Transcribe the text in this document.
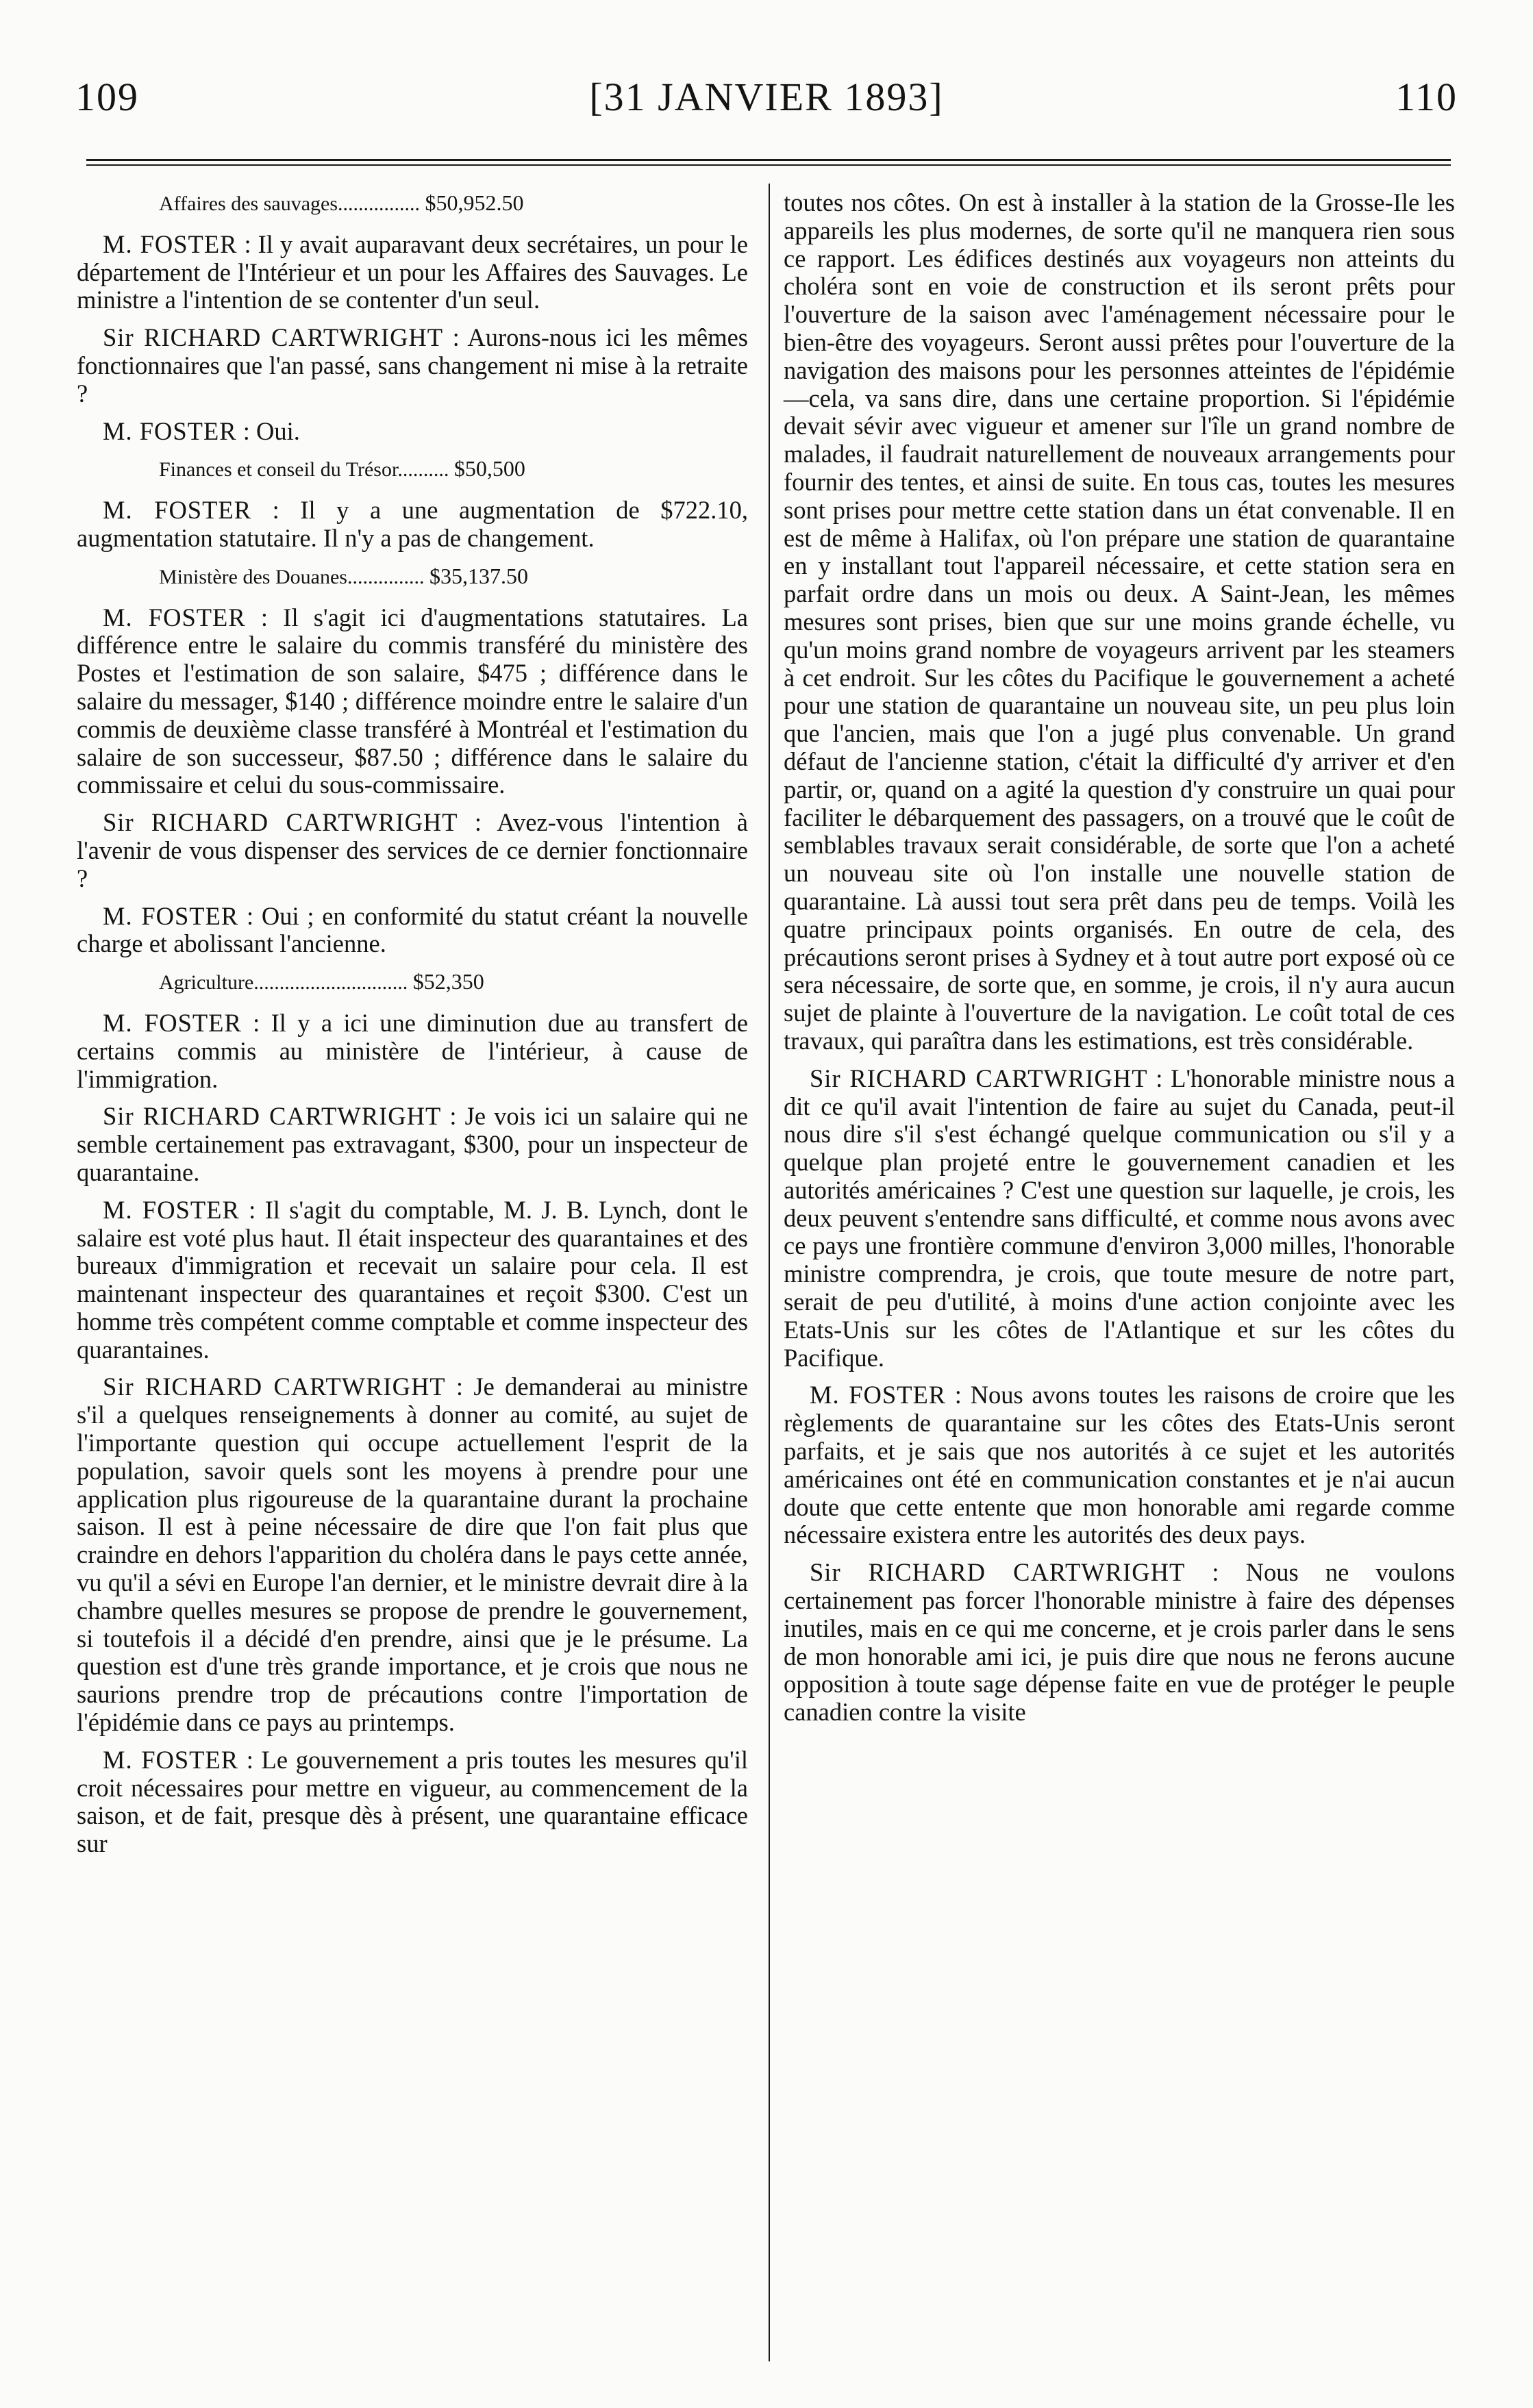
109	[31 JANVIER 1893]	110

Affaires des sauvages................ $50,952.50

M. FOSTER : Il y avait auparavant deux secrétaires, un pour le département de l'Intérieur et un pour les Affaires des Sauvages. Le ministre a l'intention de se contenter d'un seul.

Sir RICHARD CARTWRIGHT : Aurons-nous ici les mêmes fonctionnaires que l'an passé, sans changement ni mise à la retraite ?

M. FOSTER : Oui.

Finances et conseil du Trésor.......... $50,500

M. FOSTER : Il y a une augmentation de $722.10, augmentation statutaire. Il n'y a pas de changement.

Ministère des Douanes............... $35,137.50

M. FOSTER : Il s'agit ici d'augmentations statutaires. La différence entre le salaire du commis transféré du ministère des Postes et l'estimation de son salaire, $475 ; différence dans le salaire du messager, $140 ; différence moindre entre le salaire d'un commis de deuxième classe transféré à Montréal et l'estimation du salaire de son successeur, $87.50 ; différence dans le salaire du commissaire et celui du sous-commissaire.

Sir RICHARD CARTWRIGHT : Avez-vous l'intention à l'avenir de vous dispenser des services de ce dernier fonctionnaire ?

M. FOSTER : Oui ; en conformité du statut créant la nouvelle charge et abolissant l'ancienne.

Agriculture.............................. $52,350

M. FOSTER : Il y a ici une diminution due au transfert de certains commis au ministère de l'intérieur, à cause de l'immigration.

Sir RICHARD CARTWRIGHT : Je vois ici un salaire qui ne semble certainement pas extravagant, $300, pour un inspecteur de quarantaine.

M. FOSTER : Il s'agit du comptable, M. J. B. Lynch, dont le salaire est voté plus haut. Il était inspecteur des quarantaines et des bureaux d'immigration et recevait un salaire pour cela. Il est maintenant inspecteur des quarantaines et reçoit $300. C'est un homme très compétent comme comptable et comme inspecteur des quarantaines.

Sir RICHARD CARTWRIGHT : Je demanderai au ministre s'il a quelques renseignements à donner au comité, au sujet de l'importante question qui occupe actuellement l'esprit de la population, savoir quels sont les moyens à prendre pour une application plus rigoureuse de la quarantaine durant la prochaine saison. Il est à peine nécessaire de dire que l'on fait plus que craindre en dehors l'apparition du choléra dans le pays cette année, vu qu'il a sévi en Europe l'an dernier, et le ministre devrait dire à la chambre quelles mesures se propose de prendre le gouvernement, si toutefois il a décidé d'en prendre, ainsi que je le présume. La question est d'une très grande importance, et je crois que nous ne saurions prendre trop de précautions contre l'importation de l'épidémie dans ce pays au printemps.

M. FOSTER : Le gouvernement a pris toutes les mesures qu'il croit nécessaires pour mettre en vigueur, au commencement de la saison, et de fait, presque dès à présent, une quarantaine efficace sur

toutes nos côtes. On est à installer à la station de la Grosse-Ile les appareils les plus modernes, de sorte qu'il ne manquera rien sous ce rapport. Les édifices destinés aux voyageurs non atteints du choléra sont en voie de construction et ils seront prêts pour l'ouverture de la saison avec l'aménagement nécessaire pour le bien-être des voyageurs. Seront aussi prêtes pour l'ouverture de la navigation des maisons pour les personnes atteintes de l'épidémie—cela, va sans dire, dans une certaine proportion. Si l'épidémie devait sévir avec vigueur et amener sur l'île un grand nombre de malades, il faudrait naturellement de nouveaux arrangements pour fournir des tentes, et ainsi de suite. En tous cas, toutes les mesures sont prises pour mettre cette station dans un état convenable. Il en est de même à Halifax, où l'on prépare une station de quarantaine en y installant tout l'appareil nécessaire, et cette station sera en parfait ordre dans un mois ou deux. A Saint-Jean, les mêmes mesures sont prises, bien que sur une moins grande échelle, vu qu'un moins grand nombre de voyageurs arrivent par les steamers à cet endroit. Sur les côtes du Pacifique le gouvernement a acheté pour une station de quarantaine un nouveau site, un peu plus loin que l'ancien, mais que l'on a jugé plus convenable. Un grand défaut de l'ancienne station, c'était la difficulté d'y arriver et d'en partir, or, quand on a agité la question d'y construire un quai pour faciliter le débarquement des passagers, on a trouvé que le coût de semblables travaux serait considérable, de sorte que l'on a acheté un nouveau site où l'on installe une nouvelle station de quarantaine. Là aussi tout sera prêt dans peu de temps. Voilà les quatre principaux points organisés. En outre de cela, des précautions seront prises à Sydney et à tout autre port exposé où ce sera nécessaire, de sorte que, en somme, je crois, il n'y aura aucun sujet de plainte à l'ouverture de la navigation. Le coût total de ces travaux, qui paraîtra dans les estimations, est très considérable.

Sir RICHARD CARTWRIGHT : L'honorable ministre nous a dit ce qu'il avait l'intention de faire au sujet du Canada, peut-il nous dire s'il s'est échangé quelque communication ou s'il y a quelque plan projeté entre le gouvernement canadien et les autorités américaines ? C'est une question sur laquelle, je crois, les deux peuvent s'entendre sans difficulté, et comme nous avons avec ce pays une frontière commune d'environ 3,000 milles, l'honorable ministre comprendra, je crois, que toute mesure de notre part, serait de peu d'utilité, à moins d'une action conjointe avec les Etats-Unis sur les côtes de l'Atlantique et sur les côtes du Pacifique.

M. FOSTER : Nous avons toutes les raisons de croire que les règlements de quarantaine sur les côtes des Etats-Unis seront parfaits, et je sais que nos autorités à ce sujet et les autorités américaines ont été en communication constantes et je n'ai aucun doute que cette entente que mon honorable ami regarde comme nécessaire existera entre les autorités des deux pays.

Sir RICHARD CARTWRIGHT : Nous ne voulons certainement pas forcer l'honorable ministre à faire des dépenses inutiles, mais en ce qui me concerne, et je crois parler dans le sens de mon honorable ami ici, je puis dire que nous ne ferons aucune opposition à toute sage dépense faite en vue de protéger le peuple canadien contre la visite
